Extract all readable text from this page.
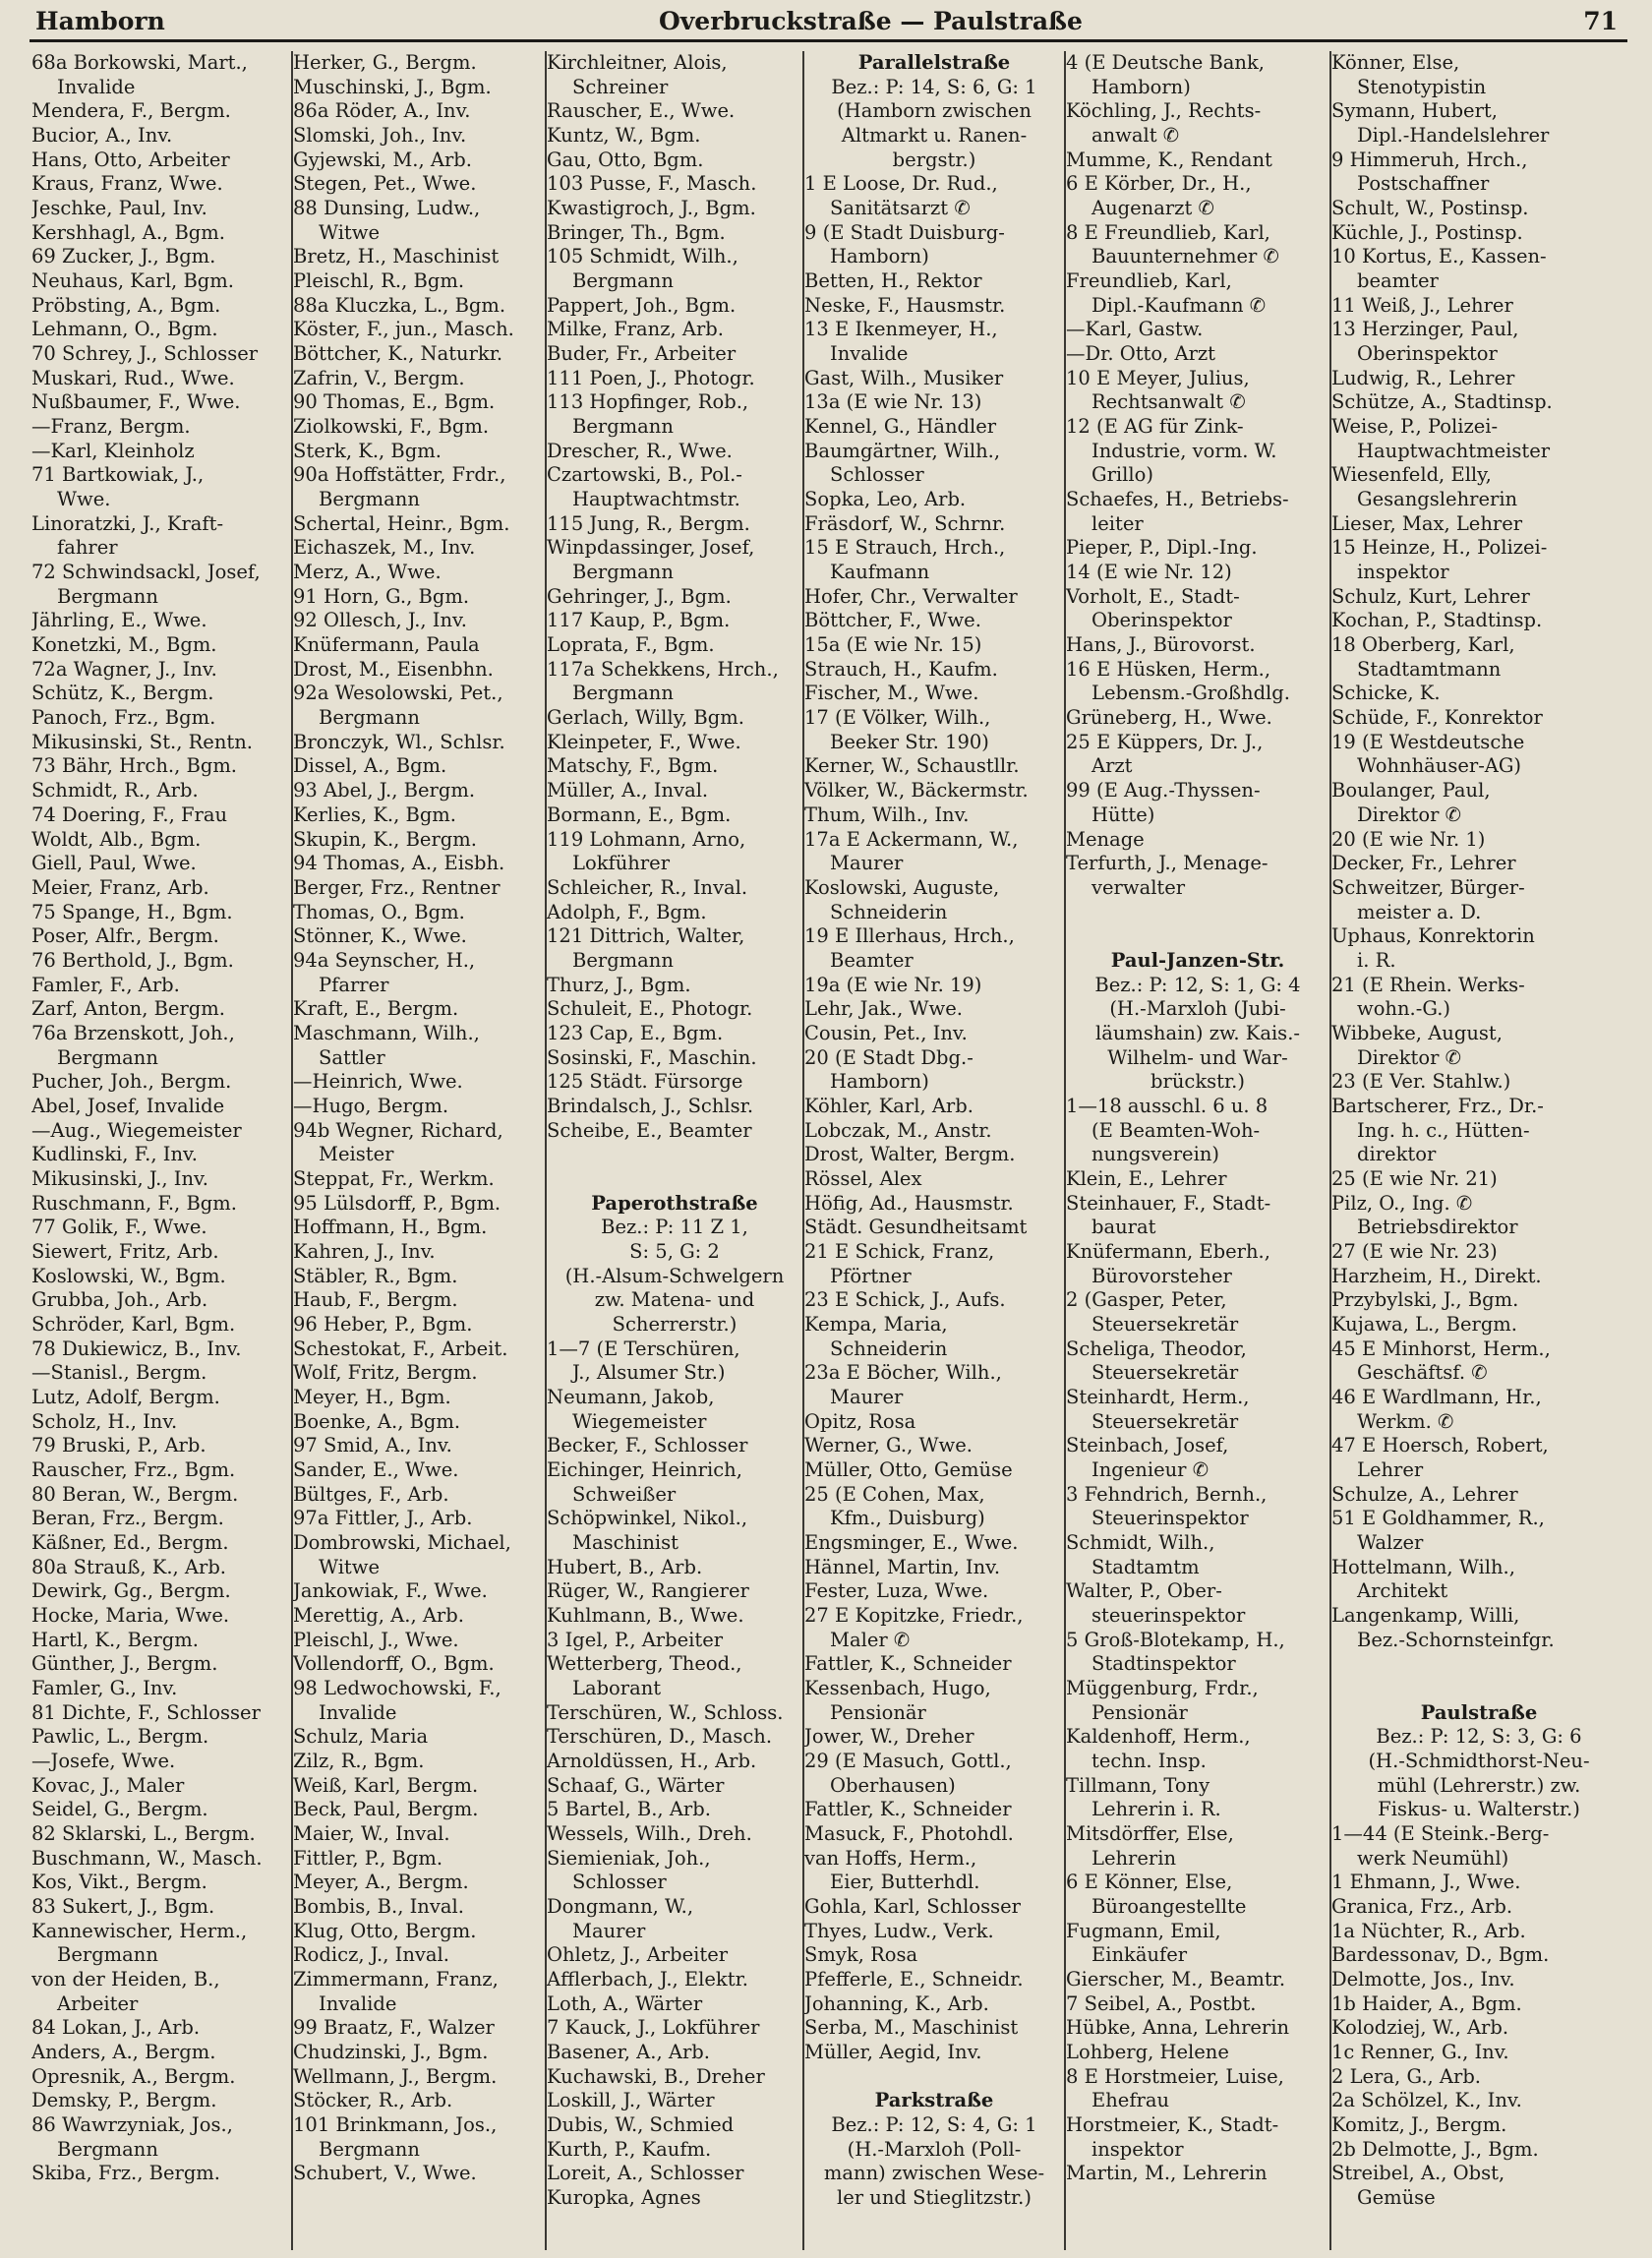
Hamborn	Overbruckstraße — Paulstraße	71
68a Borkowski, Mart.,
Invalide
Mendera, F., Bergm.
Bucior, A., Inv.
Hans, Otto, Arbeiter
Kraus, Franz, Wwe.
Jeschke, Paul, Inv.
Kershhagl, A., Bgm.
69 Zucker, J., Bgm.
Neuhaus, Karl, Bgm.
Pröbsting, A., Bgm.
Lehmann, O., Bgm.
70 Schrey, J., Schlosser
Muskari, Rud., Wwe.
Nußbaumer, F., Wwe.
—Franz, Bergm.
—Karl, Kleinholz
71 Bartkowiak, J.,
Wwe.
Linoratzki, J., Kraft-
fahrer
72 Schwindsackl, Josef,
Bergmann
Jährling, E., Wwe.
Konetzki, M., Bgm.
72a Wagner, J., Inv.
Schütz, K., Bergm.
Panoch, Frz., Bgm.
Mikusinski, St., Rentn.
73 Bähr, Hrch., Bgm.
Schmidt, R., Arb.
74 Doering, F., Frau
Woldt, Alb., Bgm.
Giell, Paul, Wwe.
Meier, Franz, Arb.
75 Spange, H., Bgm.
Poser, Alfr., Bergm.
76 Berthold, J., Bgm.
Famler, F., Arb.
Zarf, Anton, Bergm.
76a Brzenskott, Joh.,
Bergmann
Pucher, Joh., Bergm.
Abel, Josef, Invalide
—Aug., Wiegemeister
Kudlinski, F., Inv.
Mikusinski, J., Inv.
Ruschmann, F., Bgm.
77 Golik, F., Wwe.
Siewert, Fritz, Arb.
Koslowski, W., Bgm.
Grubba, Joh., Arb.
Schröder, Karl, Bgm.
78 Dukiewicz, B., Inv.
—Stanisl., Bergm.
Lutz, Adolf, Bergm.
Scholz, H., Inv.
79 Bruski, P., Arb.
Rauscher, Frz., Bgm.
80 Beran, W., Bergm.
Beran, Frz., Bergm.
Käßner, Ed., Bergm.
80a Strauß, K., Arb.
Dewirk, Gg., Bergm.
Hocke, Maria, Wwe.
Hartl, K., Bergm.
Günther, J., Bergm.
Famler, G., Inv.
81 Dichte, F., Schlosser
Pawlic, L., Bergm.
—Josefe, Wwe.
Kovac, J., Maler
Seidel, G., Bergm.
82 Sklarski, L., Bergm.
Buschmann, W., Masch.
Kos, Vikt., Bergm.
83 Sukert, J., Bgm.
Kannewischer, Herm.,
Bergmann
von der Heiden, B.,
Arbeiter
84 Lokan, J., Arb.
Anders, A., Bergm.
Opresnik, A., Bergm.
Demsky, P., Bergm.
86 Wawrzyniak, Jos.,
Bergmann
Skiba, Frz., Bergm.
Herker, G., Bergm.
Muschinski, J., Bgm.
86a Röder, A., Inv.
Slomski, Joh., Inv.
Gyjewski, M., Arb.
Stegen, Pet., Wwe.
88 Dunsing, Ludw.,
Witwe
Bretz, H., Maschinist
Pleischl, R., Bgm.
88a Kluczka, L., Bgm.
Köster, F., jun., Masch.
Böttcher, K., Naturkr.
Zafrin, V., Bergm.
90 Thomas, E., Bgm.
Ziolkowski, F., Bgm.
Sterk, K., Bgm.
90a Hoffstätter, Frdr.,
Bergmann
Schertal, Heinr., Bgm.
Eichaszek, M., Inv.
Merz, A., Wwe.
91 Horn, G., Bgm.
92 Ollesch, J., Inv.
Knüfermann, Paula
Drost, M., Eisenbhn.
92a Wesolowski, Pet.,
Bergmann
Bronczyk, Wl., Schlsr.
Dissel, A., Bgm.
93 Abel, J., Bergm.
Kerlies, K., Bgm.
Skupin, K., Bergm.
94 Thomas, A., Eisbh.
Berger, Frz., Rentner
Thomas, O., Bgm.
Stönner, K., Wwe.
94a Seynscher, H.,
Pfarrer
Kraft, E., Bergm.
Maschmann, Wilh.,
Sattler
—Heinrich, Wwe.
—Hugo, Bergm.
94b Wegner, Richard,
Meister
Steppat, Fr., Werkm.
95 Lülsdorff, P., Bgm.
Hoffmann, H., Bgm.
Kahren, J., Inv.
Stäbler, R., Bgm.
Haub, F., Bergm.
96 Heber, P., Bgm.
Schestokat, F., Arbeit.
Wolf, Fritz, Bergm.
Meyer, H., Bgm.
Boenke, A., Bgm.
97 Smid, A., Inv.
Sander, E., Wwe.
Bültges, F., Arb.
97a Fittler, J., Arb.
Dombrowski, Michael,
Witwe
Jankowiak, F., Wwe.
Merettig, A., Arb.
Pleischl, J., Wwe.
Vollendorff, O., Bgm.
98 Ledwochowski, F.,
Invalide
Schulz, Maria
Zilz, R., Bgm.
Weiß, Karl, Bergm.
Beck, Paul, Bergm.
Maier, W., Inval.
Fittler, P., Bgm.
Meyer, A., Bergm.
Bombis, B., Inval.
Klug, Otto, Bergm.
Rodicz, J., Inval.
Zimmermann, Franz,
Invalide
99 Braatz, F., Walzer
Chudzinski, J., Bgm.
Wellmann, J., Bergm.
Stöcker, R., Arb.
101 Brinkmann, Jos.,
Bergmann
Schubert, V., Wwe.
Kirchleitner, Alois,
Schreiner
Rauscher, E., Wwe.
Kuntz, W., Bgm.
Gau, Otto, Bgm.
103 Pusse, F., Masch.
Kwastigroch, J., Bgm.
Bringer, Th., Bgm.
105 Schmidt, Wilh.,
Bergmann
Pappert, Joh., Bgm.
Milke, Franz, Arb.
Buder, Fr., Arbeiter
111 Poen, J., Photogr.
113 Hopfinger, Rob.,
Bergmann
Drescher, R., Wwe.
Czartowski, B., Pol.-
Hauptwachtmstr.
115 Jung, R., Bergm.
Winpdassinger, Josef,
Bergmann
Gehringer, J., Bgm.
117 Kaup, P., Bgm.
Loprata, F., Bgm.
117a Schekkens, Hrch.,
Bergmann
Gerlach, Willy, Bgm.
Kleinpeter, F., Wwe.
Matschy, F., Bgm.
Müller, A., Inval.
Bormann, E., Bgm.
119 Lohmann, Arno,
Lokführer
Schleicher, R., Inval.
Adolph, F., Bgm.
121 Dittrich, Walter,
Bergmann
Thurz, J., Bgm.
Schuleit, E., Photogr.
123 Cap, E., Bgm.
Sosinski, F., Maschin.
125 Städt. Fürsorge
Brindalsch, J., Schlsr.
Scheibe, E., Beamter
Paperothstraße
Bez.: P: 11 Z 1,
S: 5, G: 2
(H.-Alsum-Schwelgern
zw. Matena- und
Scherrerstr.)
1—7 (E Terschüren,
J., Alsumer Str.)
Neumann, Jakob,
Wiegemeister
Becker, F., Schlosser
Eichinger, Heinrich,
Schweißer
Schöpwinkel, Nikol.,
Maschinist
Hubert, B., Arb.
Rüger, W., Rangierer
Kuhlmann, B., Wwe.
3 Igel, P., Arbeiter
Wetterberg, Theod.,
Laborant
Terschüren, W., Schloss.
Terschüren, D., Masch.
Arnoldüssen, H., Arb.
Schaaf, G., Wärter
5 Bartel, B., Arb.
Wessels, Wilh., Dreh.
Siemieniak, Joh.,
Schlosser
Dongmann, W.,
Maurer
Ohletz, J., Arbeiter
Afflerbach, J., Elektr.
Loth, A., Wärter
7 Kauck, J., Lokführer
Basener, A., Arb.
Kuchawski, B., Dreher
Loskill, J., Wärter
Dubis, W., Schmied
Kurth, P., Kaufm.
Loreit, A., Schlosser
Kuropka, Agnes
Parallelstraße
Bez.: P: 14, S: 6, G: 1
(Hamborn zwischen
Altmarkt u. Ranen-
bergstr.)
1 E Loose, Dr. Rud.,
Sanitätsarzt ✆
9 (E Stadt Duisburg-
Hamborn)
Betten, H., Rektor
Neske, F., Hausmstr.
13 E Ikenmeyer, H.,
Invalide
Gast, Wilh., Musiker
13a (E wie Nr. 13)
Kennel, G., Händler
Baumgärtner, Wilh.,
Schlosser
Sopka, Leo, Arb.
Fräsdorf, W., Schrnr.
15 E Strauch, Hrch.,
Kaufmann
Hofer, Chr., Verwalter
Böttcher, F., Wwe.
15a (E wie Nr. 15)
Strauch, H., Kaufm.
Fischer, M., Wwe.
17 (E Völker, Wilh.,
Beeker Str. 190)
Kerner, W., Schaustllr.
Völker, W., Bäckermstr.
Thum, Wilh., Inv.
17a E Ackermann, W.,
Maurer
Koslowski, Auguste,
Schneiderin
19 E Illerhaus, Hrch.,
Beamter
19a (E wie Nr. 19)
Lehr, Jak., Wwe.
Cousin, Pet., Inv.
20 (E Stadt Dbg.-
Hamborn)
Köhler, Karl, Arb.
Lobczak, M., Anstr.
Drost, Walter, Bergm.
Rössel, Alex
Höfig, Ad., Hausmstr.
Städt. Gesundheitsamt
21 E Schick, Franz,
Pförtner
23 E Schick, J., Aufs.
Kempa, Maria,
Schneiderin
23a E Böcher, Wilh.,
Maurer
Opitz, Rosa
Werner, G., Wwe.
Müller, Otto, Gemüse
25 (E Cohen, Max,
Kfm., Duisburg)
Engsminger, E., Wwe.
Hännel, Martin, Inv.
Fester, Luza, Wwe.
27 E Kopitzke, Friedr.,
Maler ✆
Fattler, K., Schneider
Kessenbach, Hugo,
Pensionär
Jower, W., Dreher
29 (E Masuch, Gottl.,
Oberhausen)
Fattler, K., Schneider
Masuck, F., Photohdl.
van Hoffs, Herm.,
Eier, Butterhdl.
Gohla, Karl, Schlosser
Thyes, Ludw., Verk.
Smyk, Rosa
Pfefferle, E., Schneidr.
Johanning, K., Arb.
Serba, M., Maschinist
Müller, Aegid, Inv.
Parkstraße
Bez.: P: 12, S: 4, G: 1
(H.-Marxloh (Poll-
mann) zwischen Wese-
ler und Stieglitzstr.)
4 (E Deutsche Bank,
Hamborn)
Köchling, J., Rechts-
anwalt ✆
Mumme, K., Rendant
6 E Körber, Dr., H.,
Augenarzt ✆
8 E Freundlieb, Karl,
Bauunternehmer ✆
Freundlieb, Karl,
Dipl.-Kaufmann ✆
—Karl, Gastw.
—Dr. Otto, Arzt
10 E Meyer, Julius,
Rechtsanwalt ✆
12 (E AG für Zink-
Industrie, vorm. W.
Grillo)
Schaefes, H., Betriebs-
leiter
Pieper, P., Dipl.-Ing.
14 (E wie Nr. 12)
Vorholt, E., Stadt-
Oberinspektor
Hans, J., Bürovorst.
16 E Hüsken, Herm.,
Lebensm.-Großhdlg.
Grüneberg, H., Wwe.
25 E Küppers, Dr. J.,
Arzt
99 (E Aug.-Thyssen-
Hütte)
Menage
Terfurth, J., Menage-
verwalter
Paul-Janzen-Str.
Bez.: P: 12, S: 1, G: 4
(H.-Marxloh (Jubi-
läumshain) zw. Kais.-
Wilhelm- und War-
brückstr.)
1—18 ausschl. 6 u. 8
(E Beamten-Woh-
nungsverein)
Klein, E., Lehrer
Steinhauer, F., Stadt-
baurat
Knüfermann, Eberh.,
Bürovorsteher
2 (Gasper, Peter,
Steuersekretär
Scheliga, Theodor,
Steuersekretär
Steinhardt, Herm.,
Steuersekretär
Steinbach, Josef,
Ingenieur ✆
3 Fehndrich, Bernh.,
Steuerinspektor
Schmidt, Wilh.,
Stadtamtm
Walter, P., Ober-
steuerinspektor
5 Groß-Blotekamp, H.,
Stadtinspektor
Müggenburg, Frdr.,
Pensionär
Kaldenhoff, Herm.,
techn. Insp.
Tillmann, Tony
Lehrerin i. R.
Mitsdörffer, Else,
Lehrerin
6 E Könner, Else,
Büroangestellte
Fugmann, Emil,
Einkäufer
Gierscher, M., Beamtr.
7 Seibel, A., Postbt.
Hübke, Anna, Lehrerin
Lohberg, Helene
8 E Horstmeier, Luise,
Ehefrau
Horstmeier, K., Stadt-
inspektor
Martin, M., Lehrerin
Könner, Else,
Stenotypistin
Symann, Hubert,
Dipl.-Handelslehrer
9 Himmeruh, Hrch.,
Postschaffner
Schult, W., Postinsp.
Küchle, J., Postinsp.
10 Kortus, E., Kassen-
beamter
11 Weiß, J., Lehrer
13 Herzinger, Paul,
Oberinspektor
Ludwig, R., Lehrer
Schütze, A., Stadtinsp.
Weise, P., Polizei-
Hauptwachtmeister
Wiesenfeld, Elly,
Gesangslehrerin
Lieser, Max, Lehrer
15 Heinze, H., Polizei-
inspektor
Schulz, Kurt, Lehrer
Kochan, P., Stadtinsp.
18 Oberberg, Karl,
Stadtamtmann
Schicke, K.
Schüde, F., Konrektor
19 (E Westdeutsche
Wohnhäuser-AG)
Boulanger, Paul,
Direktor ✆
20 (E wie Nr. 1)
Decker, Fr., Lehrer
Schweitzer, Bürger-
meister a. D.
Uphaus, Konrektorin
i. R.
21 (E Rhein. Werks-
wohn.-G.)
Wibbeke, August,
Direktor ✆
23 (E Ver. Stahlw.)
Bartscherer, Frz., Dr.-
Ing. h. c., Hütten-
direktor
25 (E wie Nr. 21)
Pilz, O., Ing. ✆
Betriebsdirektor
27 (E wie Nr. 23)
Harzheim, H., Direkt.
Przybylski, J., Bgm.
Kujawa, L., Bergm.
45 E Minhorst, Herm.,
Geschäftsf. ✆
46 E Wardlmann, Hr.,
Werkm. ✆
47 E Hoersch, Robert,
Lehrer
Schulze, A., Lehrer
51 E Goldhammer, R.,
Walzer
Hottelmann, Wilh.,
Architekt
Langenkamp, Willi,
Bez.-Schornsteinfgr.
Paulstraße
Bez.: P: 12, S: 3, G: 6
(H.-Schmidthorst-Neu-
mühl (Lehrerstr.) zw.
Fiskus- u. Walterstr.)
1—44 (E Steink.-Berg-
werk Neumühl)
1 Ehmann, J., Wwe.
Granica, Frz., Arb.
1a Nüchter, R., Arb.
Bardessonav, D., Bgm.
Delmotte, Jos., Inv.
1b Haider, A., Bgm.
Kolodziej, W., Arb.
1c Renner, G., Inv.
2 Lera, G., Arb.
2a Schölzel, K., Inv.
Komitz, J., Bergm.
2b Delmotte, J., Bgm.
Streibel, A., Obst,
Gemüse
